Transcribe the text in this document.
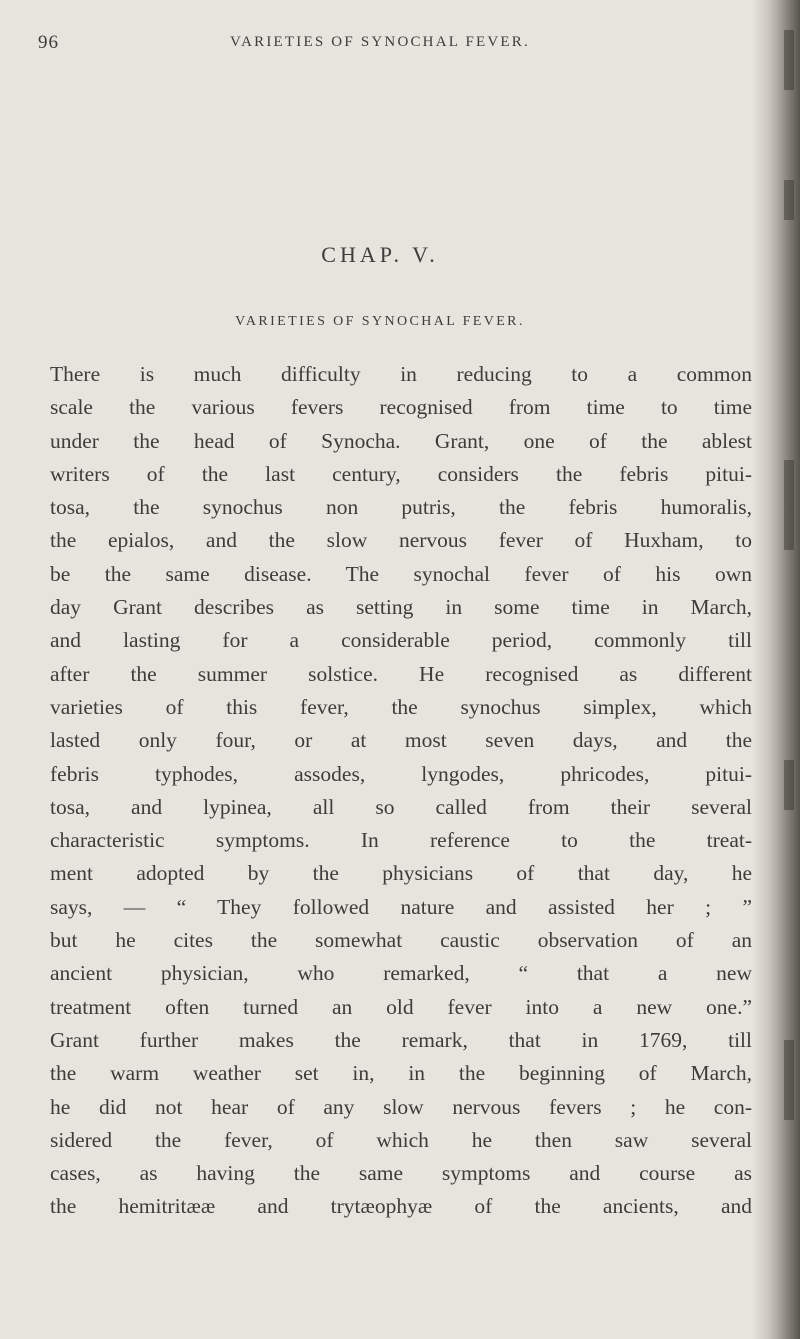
96	VARIETIES OF SYNOCHAL FEVER.
CHAP. V.
VARIETIES OF SYNOCHAL FEVER.

There is much difficulty in reducing to a common
scale the various fevers recognised from time to time
under the head of Synocha. Grant, one of the ablest
writers of the last century, considers the febris pitui-
tosa, the synochus non putris, the febris humoralis,
the epialos, and the slow nervous fever of Huxham, to
be the same disease. The synochal fever of his own
day Grant describes as setting in some time in March,
and lasting for a considerable period, commonly till
after the summer solstice. He recognised as different
varieties of this fever, the synochus simplex, which
lasted only four, or at most seven days, and the
febris typhodes, assodes, lyngodes, phricodes, pitui-
tosa, and lypinea, all so called from their several
characteristic symptoms. In reference to the treat-
ment adopted by the physicians of that day, he
says, — “ They followed nature and assisted her ; ”
but he cites the somewhat caustic observation of an
ancient physician, who remarked, “ that a new
treatment often turned an old fever into a new one.”
Grant further makes the remark, that in 1769, till
the warm weather set in, in the beginning of March,
he did not hear of any slow nervous fevers ; he con-
sidered the fever, of which he then saw several
cases, as having the same symptoms and course as
the hemitritææ and trytæophyæ of the ancients, and
